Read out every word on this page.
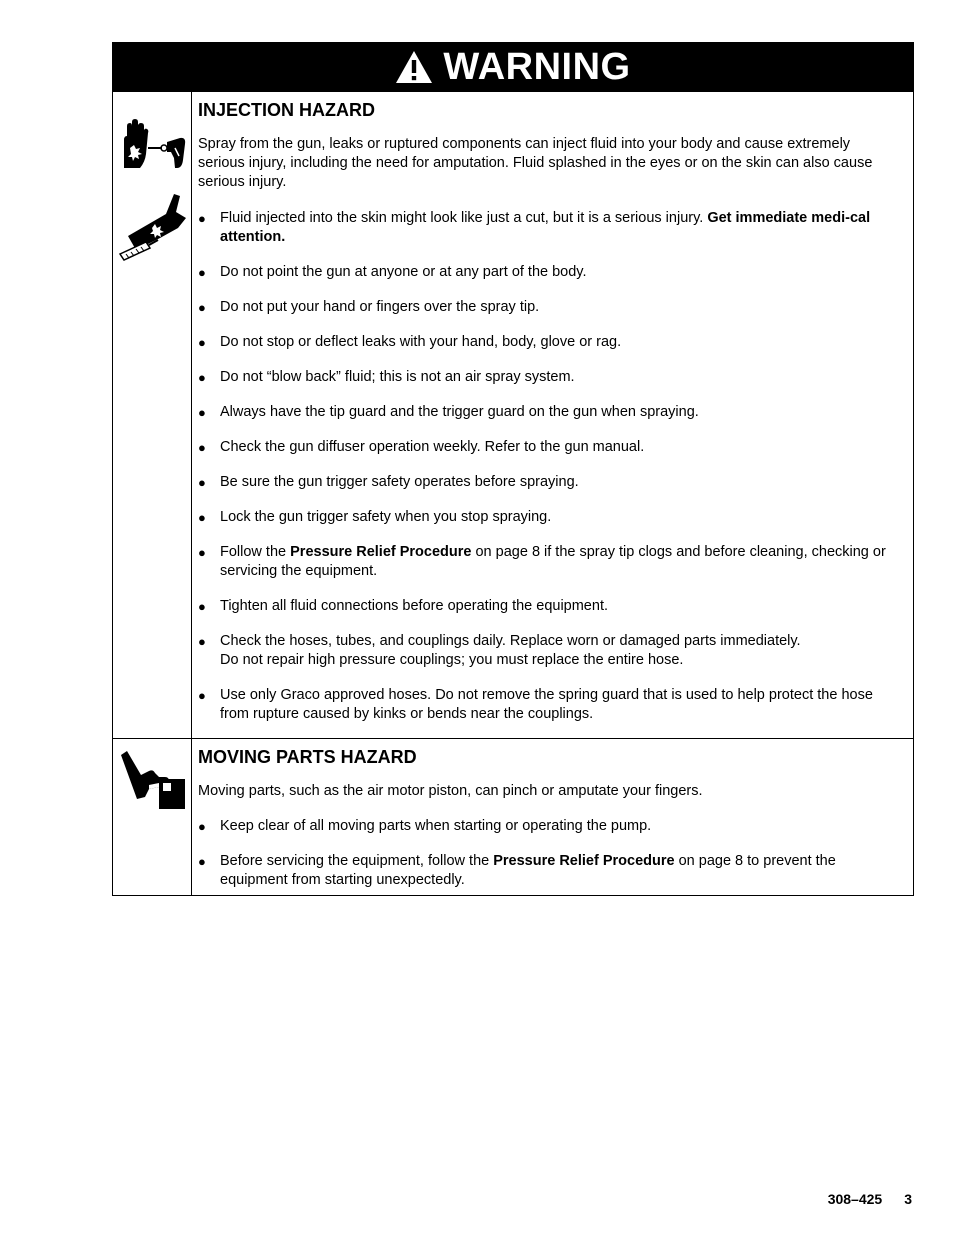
WARNING
INJECTION HAZARD

Spray from the gun, leaks or ruptured components can inject fluid into your body and cause extremely serious injury, including the need for amputation. Fluid splashed in the eyes or on the skin can also cause serious injury.

● Fluid injected into the skin might look like just a cut, but it is a serious injury. Get immediate medi-cal attention.
● Do not point the gun at anyone or at any part of the body.
● Do not put your hand or fingers over the spray tip.
● Do not stop or deflect leaks with your hand, body, glove or rag.
● Do not “blow back” fluid; this is not an air spray system.
● Always have the tip guard and the trigger guard on the gun when spraying.
● Check the gun diffuser operation weekly. Refer to the gun manual.
● Be sure the gun trigger safety operates before spraying.
● Lock the gun trigger safety when you stop spraying.
● Follow the Pressure Relief Procedure on page 8 if the spray tip clogs and before cleaning, checking or servicing the equipment.
● Tighten all fluid connections before operating the equipment.
● Check the hoses, tubes, and couplings daily. Replace worn or damaged parts immediately.
Do not repair high pressure couplings; you must replace the entire hose.
● Use only Graco approved hoses. Do not remove the spring guard that is used to help protect the hose from rupture caused by kinks or bends near the couplings.
MOVING PARTS HAZARD

Moving parts, such as the air motor piston, can pinch or amputate your fingers.

● Keep clear of all moving parts when starting or operating the pump.
● Before servicing the equipment, follow the Pressure Relief Procedure on page 8 to prevent the equipment from starting unexpectedly.
308–425 3
